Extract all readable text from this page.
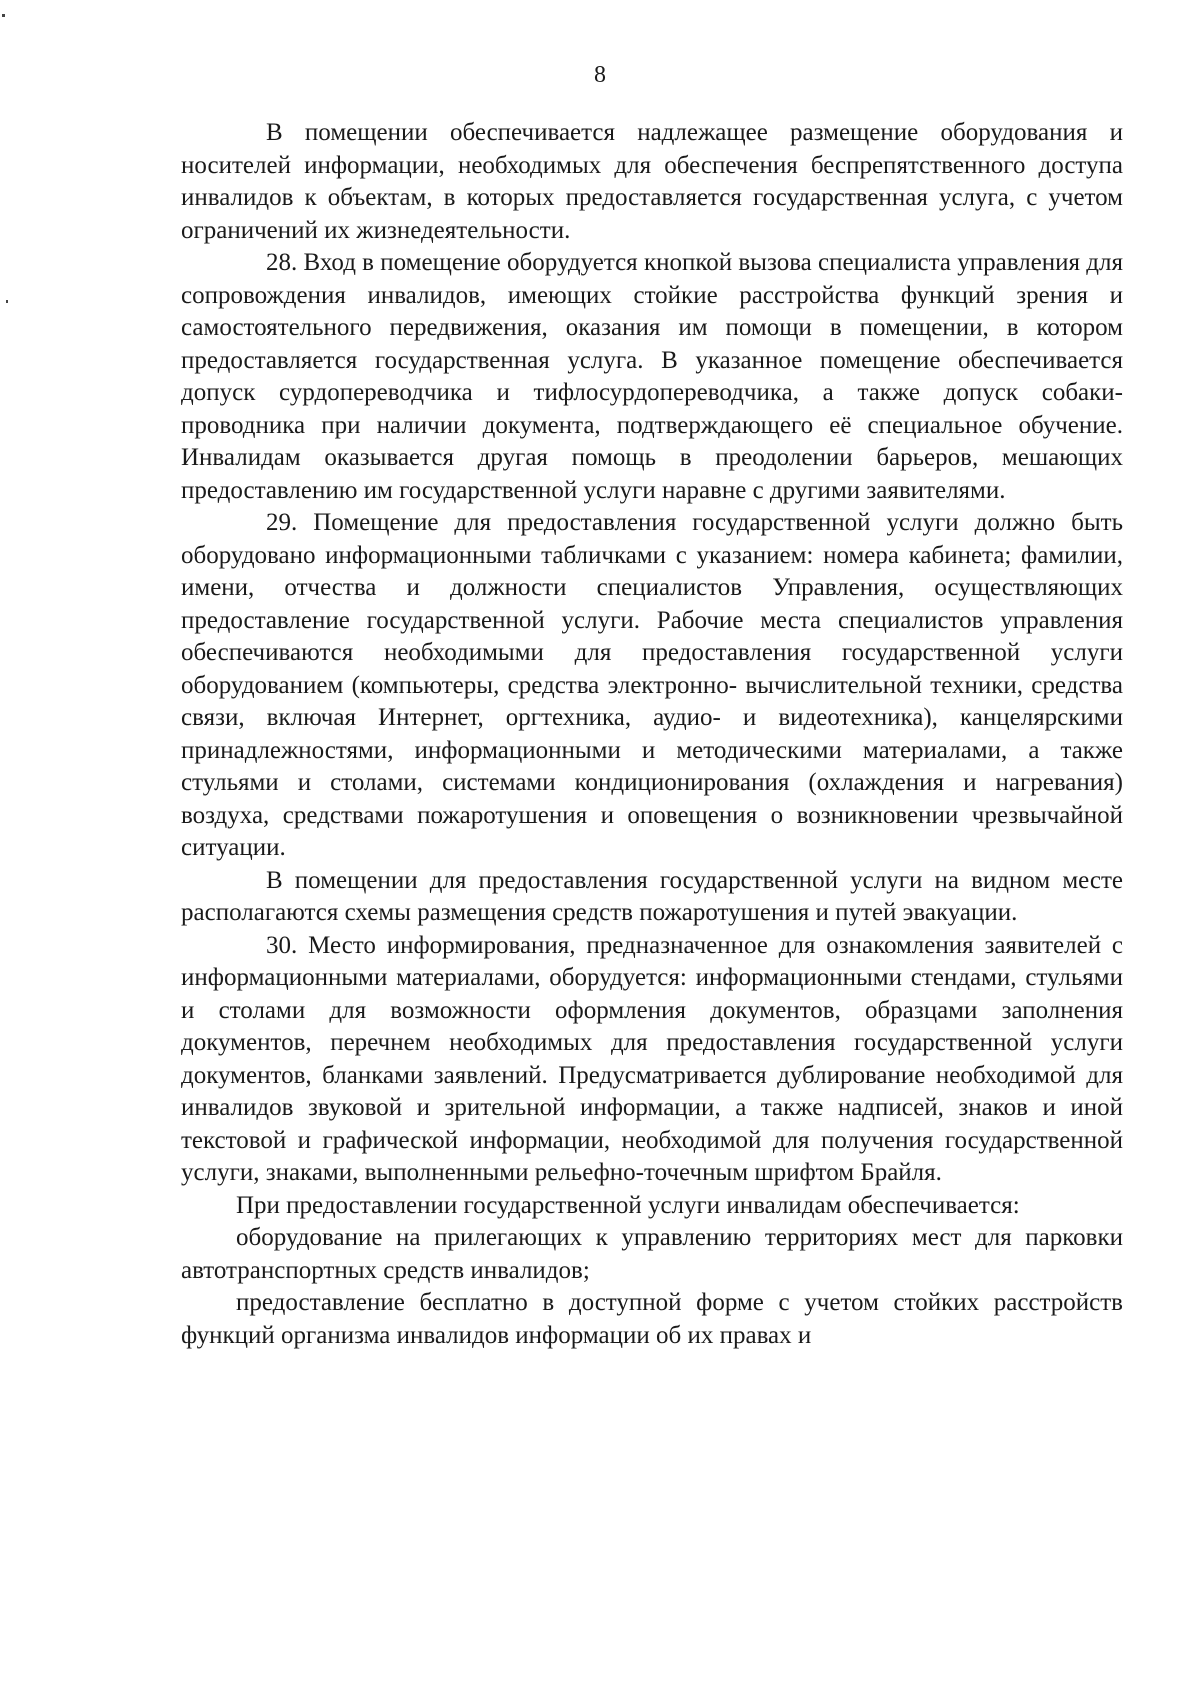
8

В помещении обеспечивается надлежащее размещение оборудования и носителей информации, необходимых для обеспечения беспрепятственного доступа инвалидов к объектам, в которых предоставляется государственная услуга, с учетом ограничений их жизнедеятельности.

28. Вход в помещение оборудуется кнопкой вызова специалиста управления для сопровождения инвалидов, имеющих стойкие расстройства функций зрения и самостоятельного передвижения, оказания им помощи в помещении, в котором предоставляется государственная услуга. В указанное помещение обеспечивается допуск сурдопереводчика и тифлосурдопереводчика, а также допуск собаки-проводника при наличии документа, подтверждающего её специальное обучение. Инвалидам оказывается другая помощь в преодолении барьеров, мешающих предоставлению им государственной услуги наравне с другими заявителями.

29. Помещение для предоставления государственной услуги должно быть оборудовано информационными табличками с указанием: номера кабинета; фамилии, имени, отчества и должности специалистов Управления, осуществляющих предоставление государственной услуги. Рабочие места специалистов управления обеспечиваются необходимыми для предоставления государственной услуги оборудованием (компьютеры, средства электронно- вычислительной техники, средства связи, включая Интернет, оргтехника, аудио- и видеотехника), канцелярскими принадлежностями, информационными и методическими материалами, а также стульями и столами, системами кондиционирования (охлаждения и нагревания) воздуха, средствами пожаротушения и оповещения о возникновении чрезвычайной ситуации.

В помещении для предоставления государственной услуги на видном месте располагаются схемы размещения средств пожаротушения и путей эвакуации.

30. Место информирования, предназначенное для ознакомления заявителей с информационными материалами, оборудуется: информационными стендами, стульями и столами для возможности оформления документов, образцами заполнения документов, перечнем необходимых для предоставления государственной услуги документов, бланками заявлений. Предусматривается дублирование необходимой для инвалидов звуковой и зрительной информации, а также надписей, знаков и иной текстовой и графической информации, необходимой для получения государственной услуги, знаками, выполненными рельефно-точечным шрифтом Брайля.

При предоставлении государственной услуги инвалидам обеспечивается:

оборудование на прилегающих к управлению территориях мест для парковки автотранспортных средств инвалидов;

предоставление бесплатно в доступной форме с учетом стойких расстройств функций организма инвалидов информации об их правах и
